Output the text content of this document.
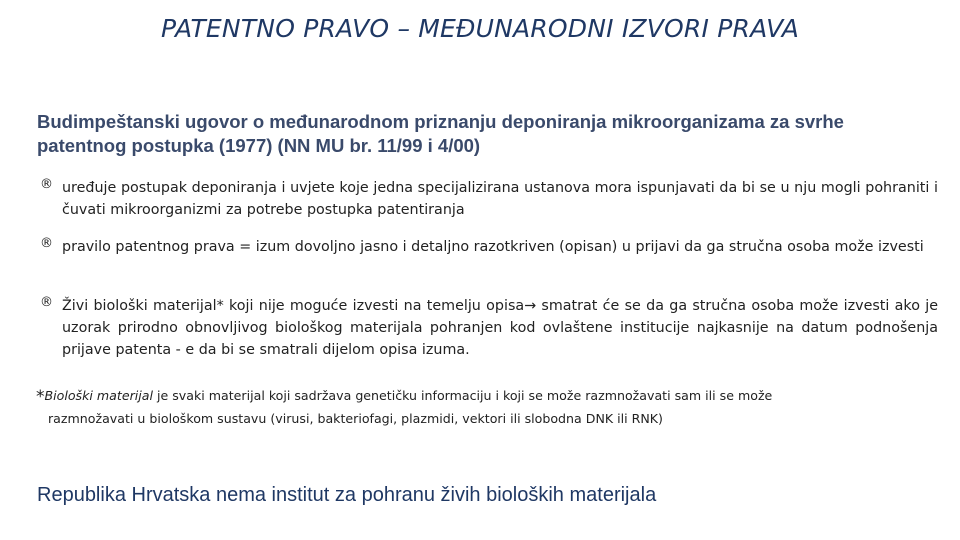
PATENTNO PRAVO – MEĐUNARODNI IZVORI PRAVA
Budimpeštanski ugovor o međunarodnom priznanju deponiranja mikroorganizama za svrhe patentnog postupka (1977) (NN MU br. 11/99 i 4/00)
® uređuje postupak deponiranja i uvjete koje jedna specijalizirana ustanova mora ispunjavati da bi se u nju mogli pohraniti i čuvati mikroorganizmi za potrebe postupka patentiranja
® pravilo patentnog prava = izum dovoljno jasno i detaljno razotkriven (opisan) u prijavi da ga stručna osoba može izvesti
® Živi biološki materijal* koji nije moguće izvesti na temelju opisa→ smatrat će se da ga stručna osoba može izvesti ako je uzorak prirodno obnovljivog biološkog materijala pohranjen kod ovlaštene institucije najkasnije na datum podnošenja prijave patenta - e da bi se smatrali dijelom opisa izuma.
*Biološki materijal je svaki materijal koji sadržava genetičku informaciju i koji se može razmnožavati sam ili se može
razmnožavati u biološkom sustavu (virusi, bakteriofagi, plazmidi, vektori ili slobodna DNK ili RNK)
Republika Hrvatska nema institut za pohranu živih bioloških materijala
